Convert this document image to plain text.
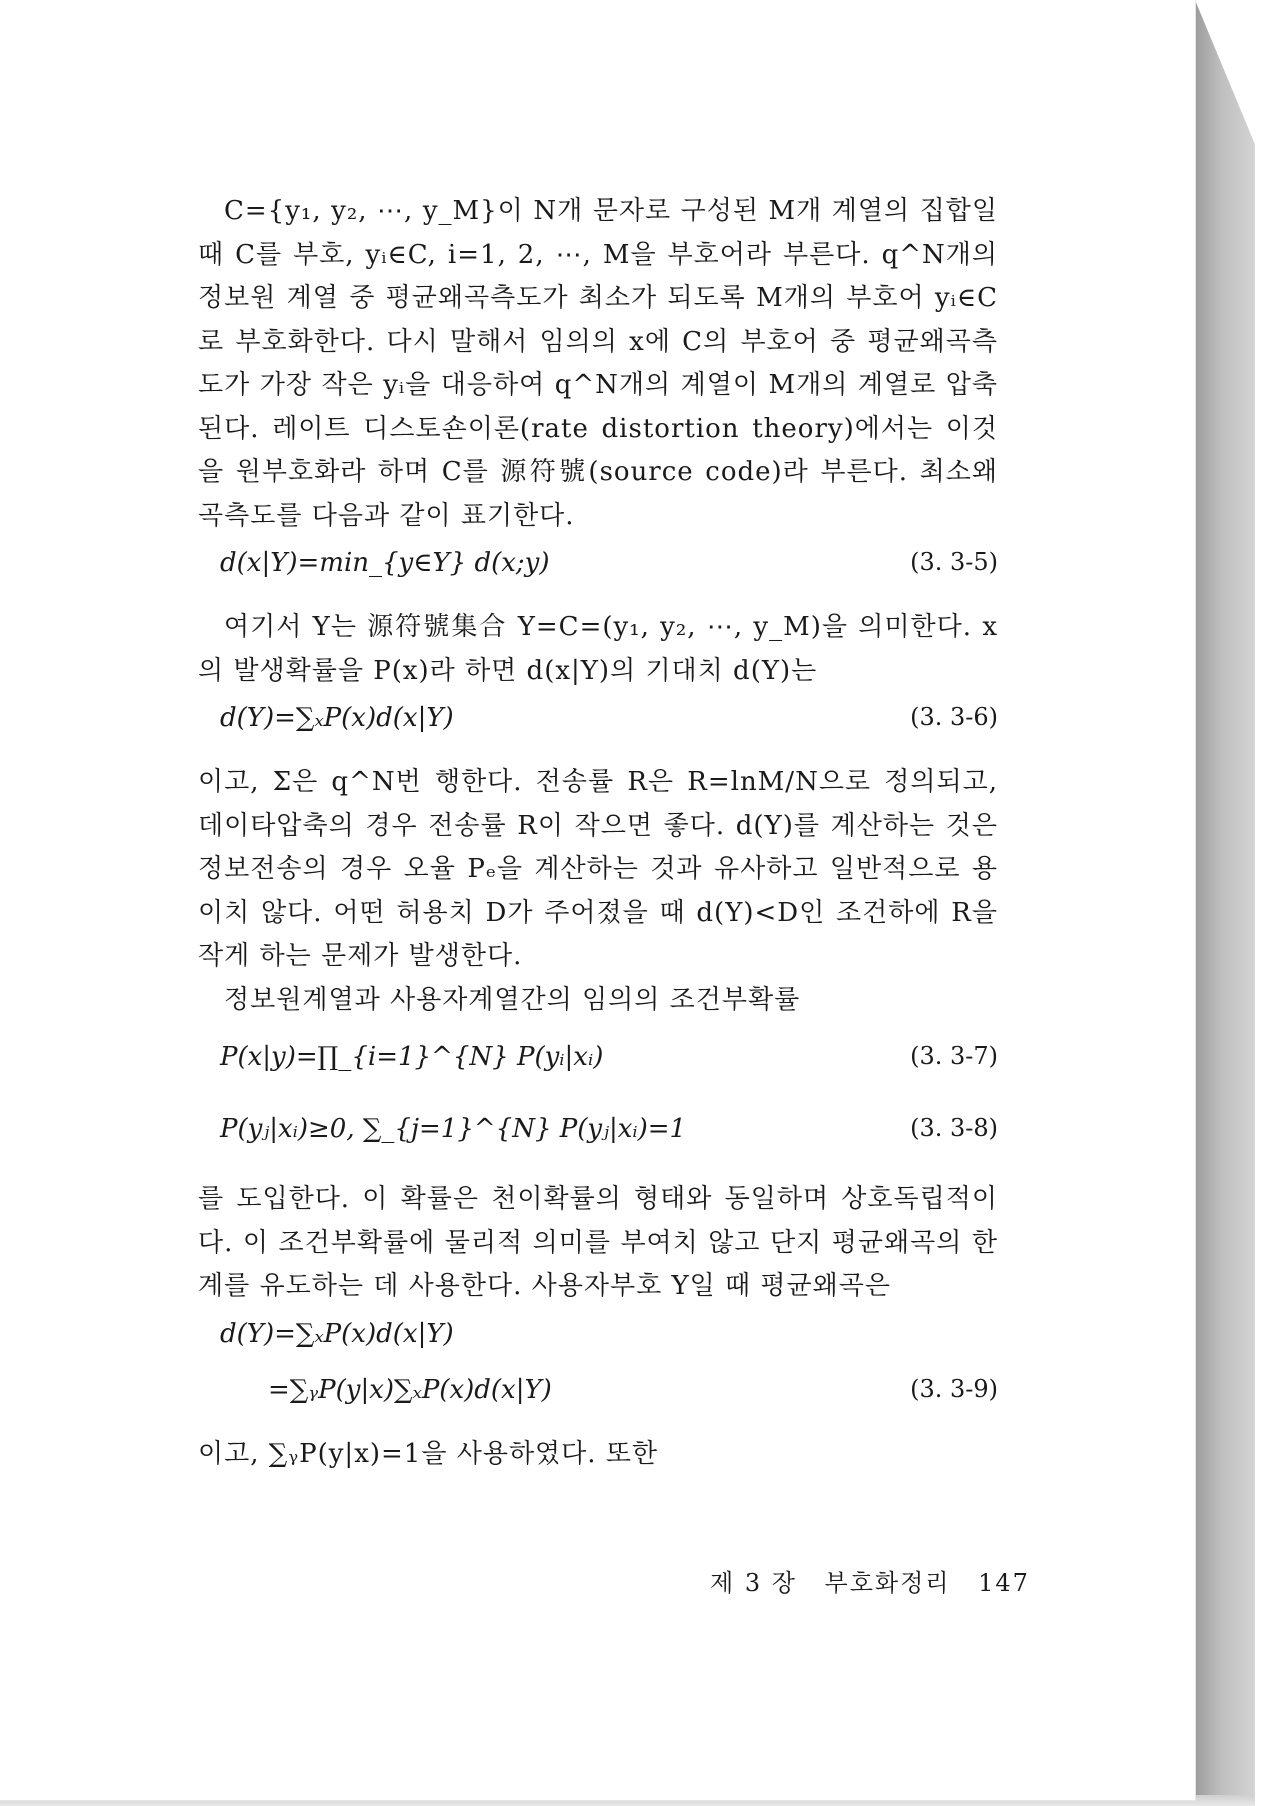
C={y₁, y₂, ⋯, y_M}이 N개 문자로 구성된 M개 계열의 집합일 때 C를 부호, yᵢ∈C, i=1, 2, ⋯, M을 부호어라 부른다. q^N개의 정보원 계열 중 평균왜곡측도가 최소가 되도록 M개의 부호어 yᵢ∈C로 부호화한다. 다시 말해서 임의의 x에 C의 부호어 중 평균왜곡측도가 가장 작은 yᵢ을 대응하여 q^N개의 계열이 M개의 계열로 압축된다. 레이트 디스토숀이론(rate distortion theory)에서는 이것을 원부호화라 하며 C를 源符號(source code)라 부른다. 최소왜곡측도를 다음과 같이 표기한다.

d(x|Y)=min_{y∈Y} d(x;y)	(3. 3-5)

여기서 Y는 源符號集合 Y=C=(y₁, y₂, ⋯, y_M)을 의미한다. x의 발생확률을 P(x)라 하면 d(x|Y)의 기대치 d(Y)는

d(Y)=∑ₓP(x)d(x|Y)	(3. 3-6)

이고, Σ은 q^N번 행한다. 전송률 R은 R=lnM/N으로 정의되고, 데이타압축의 경우 전송률 R이 작으면 좋다. d(Y)를 계산하는 것은 정보전송의 경우 오율 Pₑ을 계산하는 것과 유사하고 일반적으로 용이치 않다. 어떤 허용치 D가 주어졌을 때 d(Y)<D인 조건하에 R을 작게 하는 문제가 발생한다.

정보원계열과 사용자계열간의 임의의 조건부확률

P(x|y)=∏_{i=1}^{N} P(yᵢ|xᵢ)	(3. 3-7)
P(yⱼ|xᵢ)≥0, ∑_{j=1}^{N} P(yⱼ|xᵢ)=1	(3. 3-8)

를 도입한다. 이 확률은 천이확률의 형태와 동일하며 상호독립적이다. 이 조건부확률에 물리적 의미를 부여치 않고 단지 평균왜곡의 한계를 유도하는 데 사용한다. 사용자부호 Y일 때 평균왜곡은

d(Y)=∑ₓP(x)d(x|Y)
=∑ᵧP(y|x)∑ₓP(x)d(x|Y)	(3. 3-9)

이고, ∑ᵧP(y|x)=1을 사용하였다. 또한

제 3 장 부호화정리 147
